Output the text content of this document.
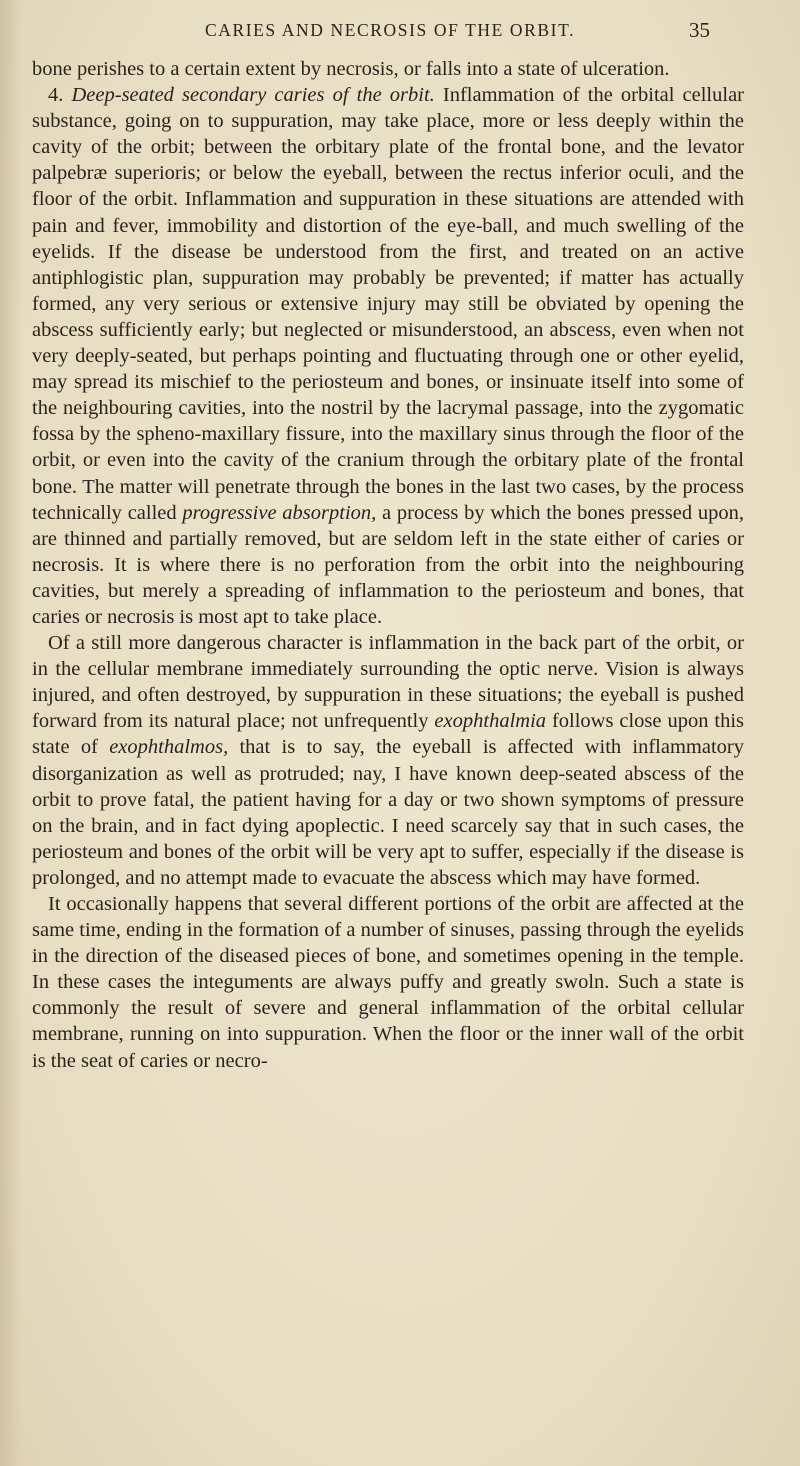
CARIES AND NECROSIS OF THE ORBIT.	35

bone perishes to a certain extent by necrosis, or falls into a state of ulceration.

4. Deep-seated secondary caries of the orbit. Inflammation of the orbital cellular substance, going on to suppuration, may take place, more or less deeply within the cavity of the orbit; between the orbitary plate of the frontal bone, and the levator palpebræ superioris; or below the eyeball, between the rectus inferior oculi, and the floor of the orbit. Inflammation and suppuration in these situations are attended with pain and fever, immobility and distortion of the eye-ball, and much swelling of the eyelids. If the disease be understood from the first, and treated on an active antiphlogistic plan, suppuration may probably be prevented; if matter has actually formed, any very serious or extensive injury may still be obviated by opening the abscess sufficiently early; but neglected or misunderstood, an abscess, even when not very deeply-seated, but perhaps pointing and fluctuating through one or other eyelid, may spread its mischief to the periosteum and bones, or insinuate itself into some of the neighbouring cavities, into the nostril by the lacrymal passage, into the zygomatic fossa by the spheno-maxillary fissure, into the maxillary sinus through the floor of the orbit, or even into the cavity of the cranium through the orbitary plate of the frontal bone. The matter will penetrate through the bones in the last two cases, by the process technically called progressive absorption, a process by which the bones pressed upon, are thinned and partially removed, but are seldom left in the state either of caries or necrosis. It is where there is no perforation from the orbit into the neighbouring cavities, but merely a spreading of inflammation to the periosteum and bones, that caries or necrosis is most apt to take place.

Of a still more dangerous character is inflammation in the back part of the orbit, or in the cellular membrane immediately surrounding the optic nerve. Vision is always injured, and often destroyed, by suppuration in these situations; the eyeball is pushed forward from its natural place; not unfrequently exophthalmia follows close upon this state of exophthalmos, that is to say, the eyeball is affected with inflammatory disorganization as well as protruded; nay, I have known deep-seated abscess of the orbit to prove fatal, the patient having for a day or two shown symptoms of pressure on the brain, and in fact dying apoplectic. I need scarcely say that in such cases, the periosteum and bones of the orbit will be very apt to suffer, especially if the disease is prolonged, and no attempt made to evacuate the abscess which may have formed.

It occasionally happens that several different portions of the orbit are affected at the same time, ending in the formation of a number of sinuses, passing through the eyelids in the direction of the diseased pieces of bone, and sometimes opening in the temple. In these cases the integuments are always puffy and greatly swoln. Such a state is commonly the result of severe and general inflammation of the orbital cellular membrane, running on into suppuration. When the floor or the inner wall of the orbit is the seat of caries or necro-
